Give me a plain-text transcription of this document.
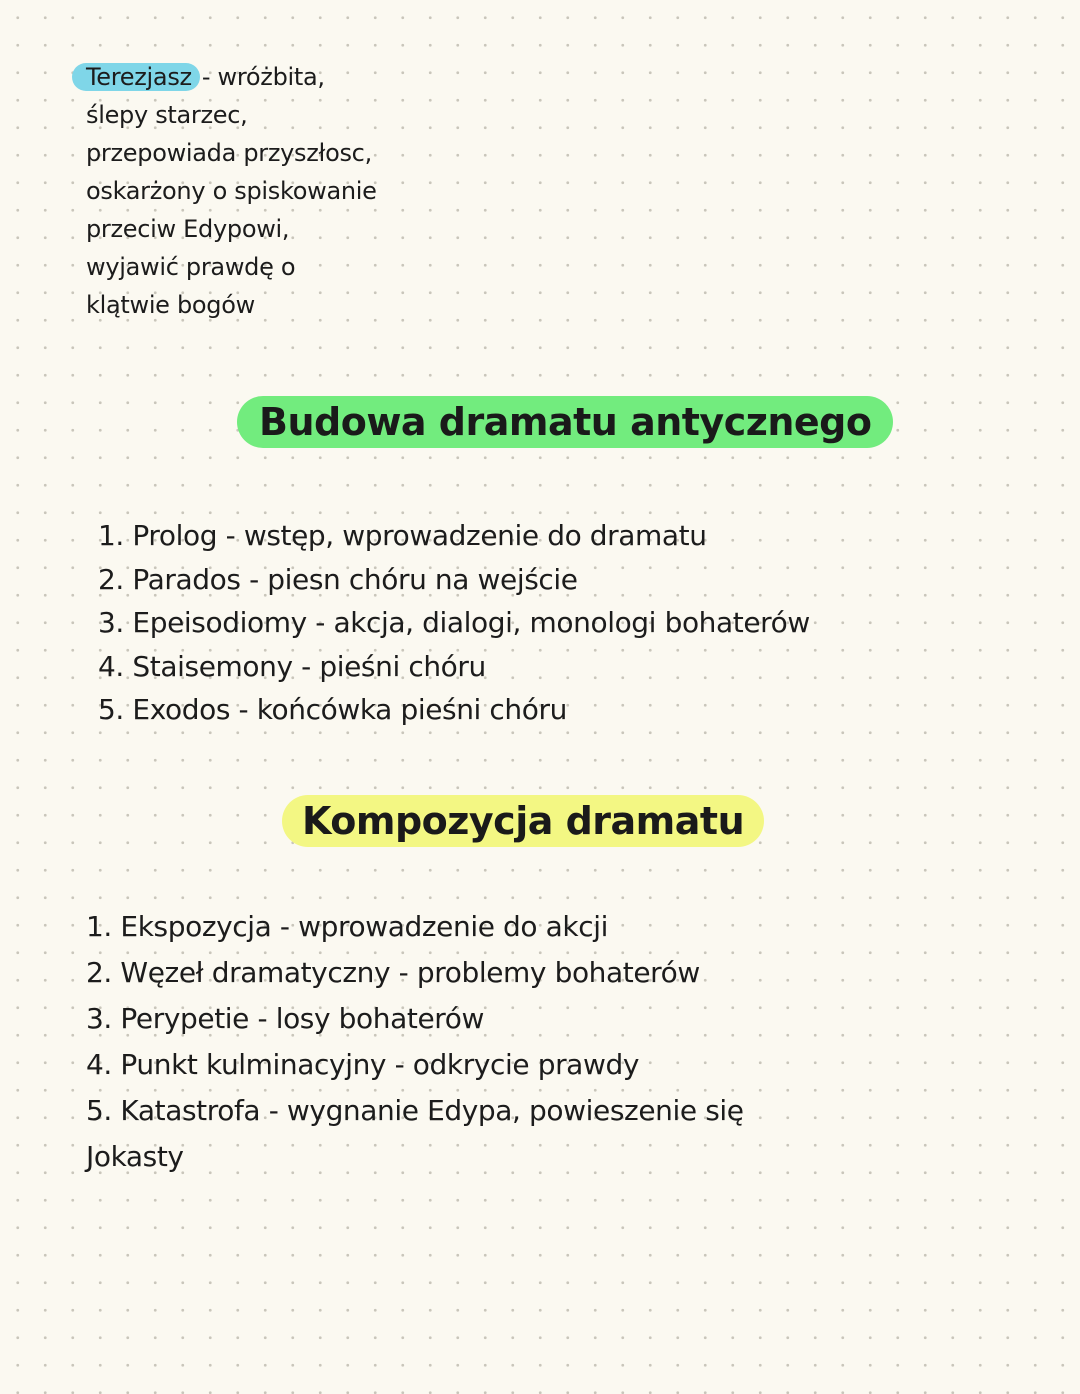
Terezjasz - wróżbita,
ślepy starzec,
przepowiada przyszłosc,
oskarżony o spiskowanie
przeciw Edypowi,
wyjawić prawdę o
klątwie bogów
Budowa dramatu antycznego
1. Prolog - wstęp, wprowadzenie do dramatu
2. Parados - piesn chóru na wejście
3. Epeisodiomy - akcja, dialogi, monologi bohaterów
4. Staisemony - pieśni chóru
5. Exodos - końcówka pieśni chóru
Kompozycja dramatu
1. Ekspozycja - wprowadzenie do akcji
2. Węzeł dramatyczny - problemy bohaterów
3. Perypetie - losy bohaterów
4. Punkt kulminacyjny - odkrycie prawdy
5. Katastrofa - wygnanie Edypa, powieszenie się
Jokasty
